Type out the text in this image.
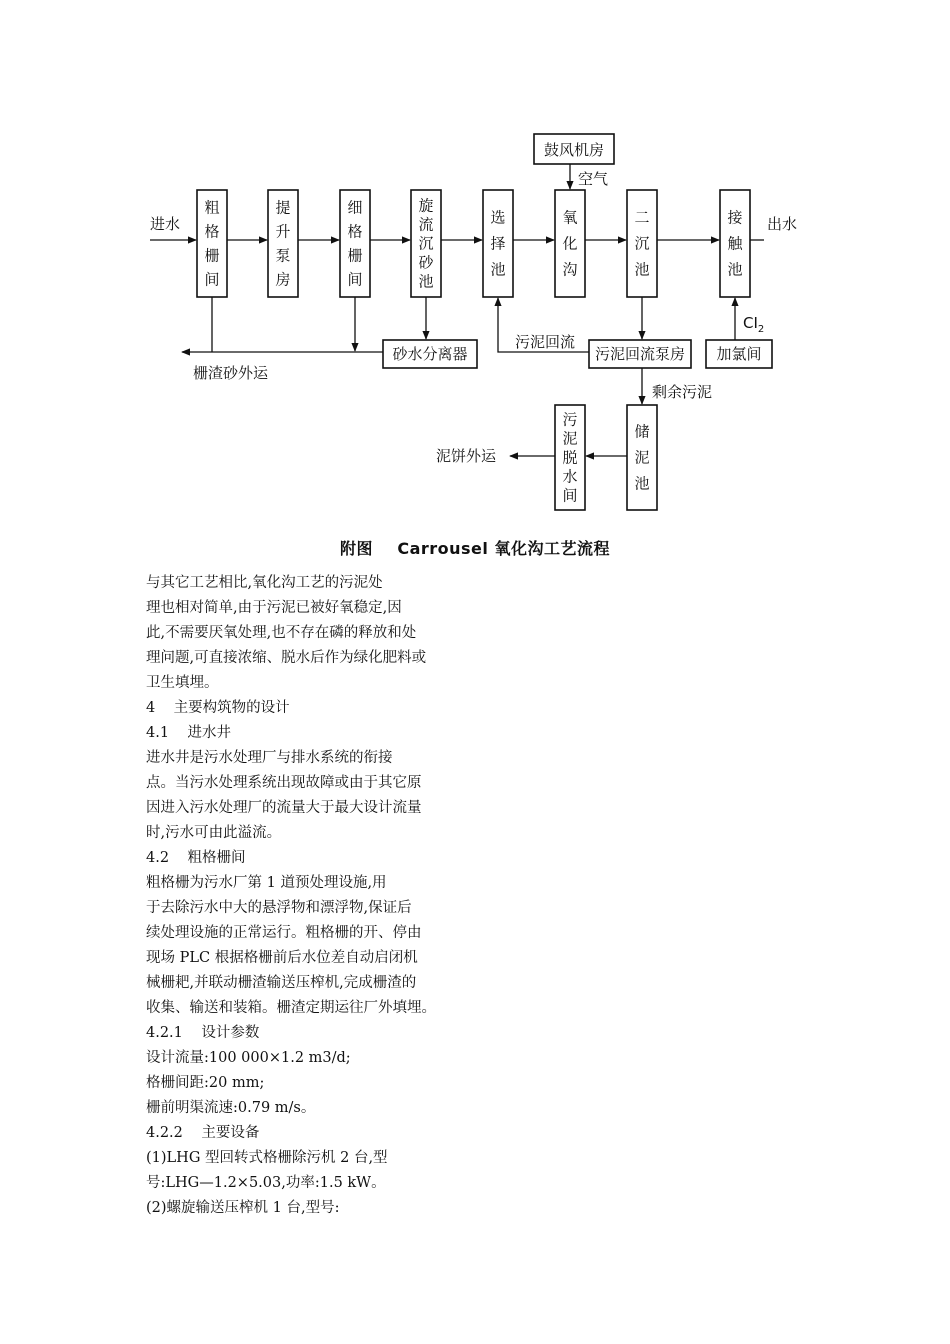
鼓风机房
砂水分离器	污泥回流泵房 加氯间
粗格栅间
提升泵房
细格栅间
旋流沉砂池
选择池
氧化沟
二沉池
接触池
储泥池
污泥脱水间
进水	出水
空气
栅渣砂外运
污泥回流
$CI_2$
剩余污泥
泥饼外运
附图 Carrousel 氧化沟工艺流程

与其它工艺相比,氧化沟工艺的污泥处

理也相对简单,由于污泥已被好氧稳定,因

此,不需要厌氧处理,也不存在磷的释放和处

理问题,可直接浓缩、脱水后作为绿化肥料或

卫生填埋。

4    主要构筑物的设计

4.1    进水井

进水井是污水处理厂与排水系统的衔接

点。当污水处理系统出现故障或由于其它原

因进入污水处理厂的流量大于最大设计流量

时,污水可由此溢流。

4.2    粗格栅间

粗格栅为污水厂第 1 道预处理设施,用

于去除污水中大的悬浮物和漂浮物,保证后

续处理设施的正常运行。粗格栅的开、停由

现场 PLC 根据格栅前后水位差自动启闭机

械栅耙,并联动栅渣输送压榨机,完成栅渣的

收集、输送和装箱。栅渣定期运往厂外填埋。

4.2.1    设计参数

设计流量:100 000×1.2 m3/d;

格栅间距:20 mm;

栅前明渠流速:0.79 m/s。

4.2.2    主要设备

(1)LHG 型回转式格栅除污机 2 台,型

号:LHG—1.2×5.03,功率:1.5 kW。

(2)螺旋输送压榨机 1 台,型号:
